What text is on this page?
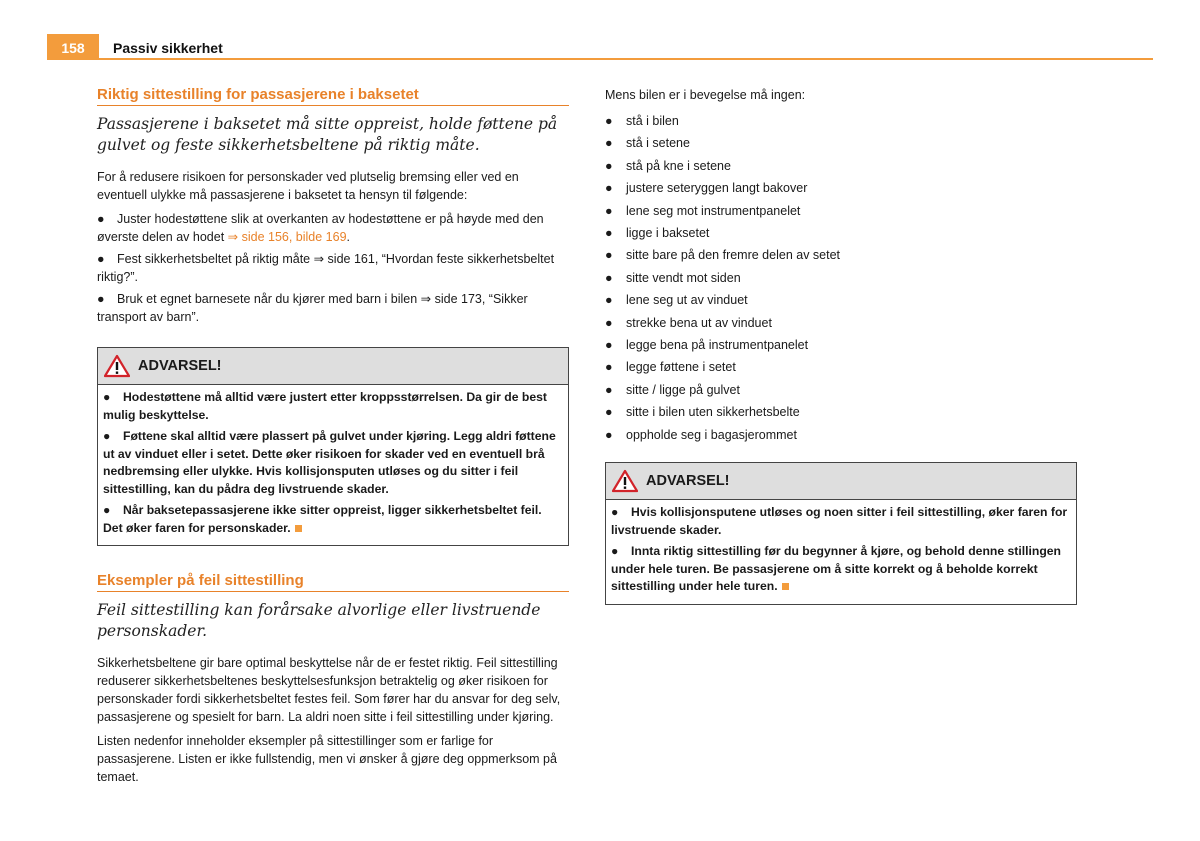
158	Passiv sikkerhet
Riktig sittestilling for passasjerene i baksetet

Passasjerene i baksetet må sitte oppreist, holde føttene på gulvet og feste sikkerhetsbeltene på riktig måte.

For å redusere risikoen for personskader ved plutselig bremsing eller ved en eventuell ulykke må passasjerene i baksetet ta hensyn til følgende:

● Juster hodestøttene slik at overkanten av hodestøttene er på høyde med den øverste delen av hodet ⇒ side 156, bilde 169.

● Fest sikkerhetsbeltet på riktig måte ⇒ side 161, “Hvordan feste sikkerhetsbeltet riktig?”.

● Bruk et egnet barnesete når du kjører med barn i bilen ⇒ side 173, “Sikker transport av barn”.

ADVARSEL!

● Hodestøttene må alltid være justert etter kroppsstørrelsen. Da gir de best mulig beskyttelse.

● Føttene skal alltid være plassert på gulvet under kjøring. Legg aldri føttene ut av vinduet eller i setet. Dette øker risikoen for skader ved en eventuell brå nedbremsing eller ulykke. Hvis kollisjonsputen utløses og du sitter i feil sittestilling, kan du pådra deg livstruende skader.

● Når baksetepassasjerene ikke sitter oppreist, ligger sikkerhetsbeltet feil. Det øker faren for personskader.

Eksempler på feil sittestilling

Feil sittestilling kan forårsake alvorlige eller livstruende personskader.

Sikkerhetsbeltene gir bare optimal beskyttelse når de er festet riktig. Feil sittestilling reduserer sikkerhetsbeltenes beskyttelsesfunksjon betraktelig og øker risikoen for personskader fordi sikkerhetsbeltet festes feil. Som fører har du ansvar for deg selv, passasjerene og spesielt for barn. La aldri noen sitte i feil sittestilling under kjøring.

Listen nedenfor inneholder eksempler på sittestillinger som er farlige for passasjerene. Listen er ikke fullstendig, men vi ønsker å gjøre deg oppmerksom på temaet.

Mens bilen er i bevegelse må ingen:

● stå i bilen
● stå i setene
● stå på kne i setene
● justere seteryggen langt bakover
● lene seg mot instrumentpanelet
● ligge i baksetet
● sitte bare på den fremre delen av setet
● sitte vendt mot siden
● lene seg ut av vinduet
● strekke bena ut av vinduet
● legge bena på instrumentpanelet
● legge føttene i setet
● sitte / ligge på gulvet
● sitte i bilen uten sikkerhetsbelte
● oppholde seg i bagasjerommet
ADVARSEL!

● Hvis kollisjonsputene utløses og noen sitter i feil sittestilling, øker faren for livstruende skader.

● Innta riktig sittestilling før du begynner å kjøre, og behold denne stillingen under hele turen. Be passasjerene om å sitte korrekt og å beholde korrekt sittestilling under hele turen.
